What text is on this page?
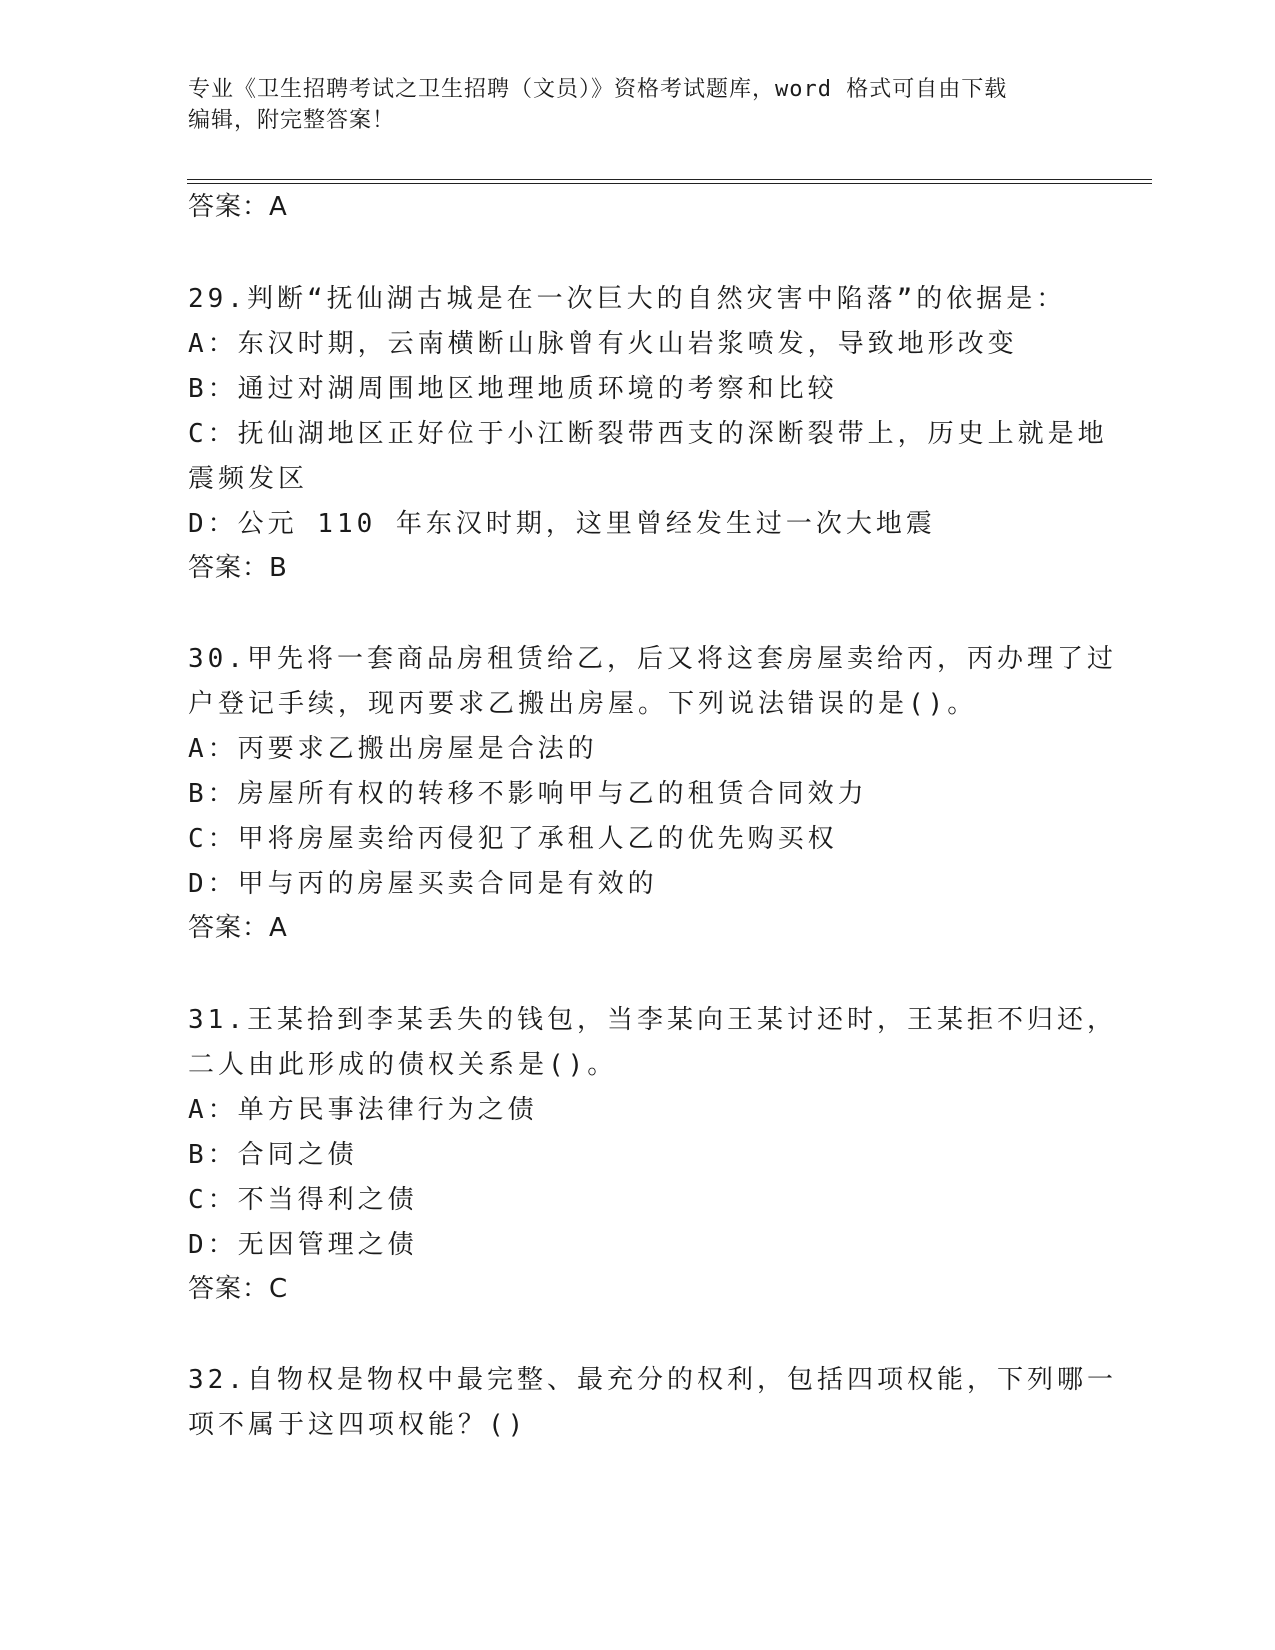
专业《卫生招聘考试之卫生招聘（文员）》资格考试题库，word 格式可自由下载
编辑，附完整答案！
答案：A
29.判断“抚仙湖古城是在一次巨大的自然灾害中陷落”的依据是：
A：东汉时期，云南横断山脉曾有火山岩浆喷发，导致地形改变
B：通过对湖周围地区地理地质环境的考察和比较
C：抚仙湖地区正好位于小江断裂带西支的深断裂带上，历史上就是地
震频发区
D：公元 110 年东汉时期，这里曾经发生过一次大地震
答案：B
30.甲先将一套商品房租赁给乙，后又将这套房屋卖给丙，丙办理了过
户登记手续，现丙要求乙搬出房屋。下列说法错误的是()。
A：丙要求乙搬出房屋是合法的
B：房屋所有权的转移不影响甲与乙的租赁合同效力
C：甲将房屋卖给丙侵犯了承租人乙的优先购买权
D：甲与丙的房屋买卖合同是有效的
答案：A
31.王某拾到李某丢失的钱包，当李某向王某讨还时，王某拒不归还，
二人由此形成的债权关系是()。
A：单方民事法律行为之债
B：合同之债
C：不当得利之债
D：无因管理之债
答案：C
32.自物权是物权中最完整、最充分的权利，包括四项权能，下列哪一
项不属于这四项权能？()
